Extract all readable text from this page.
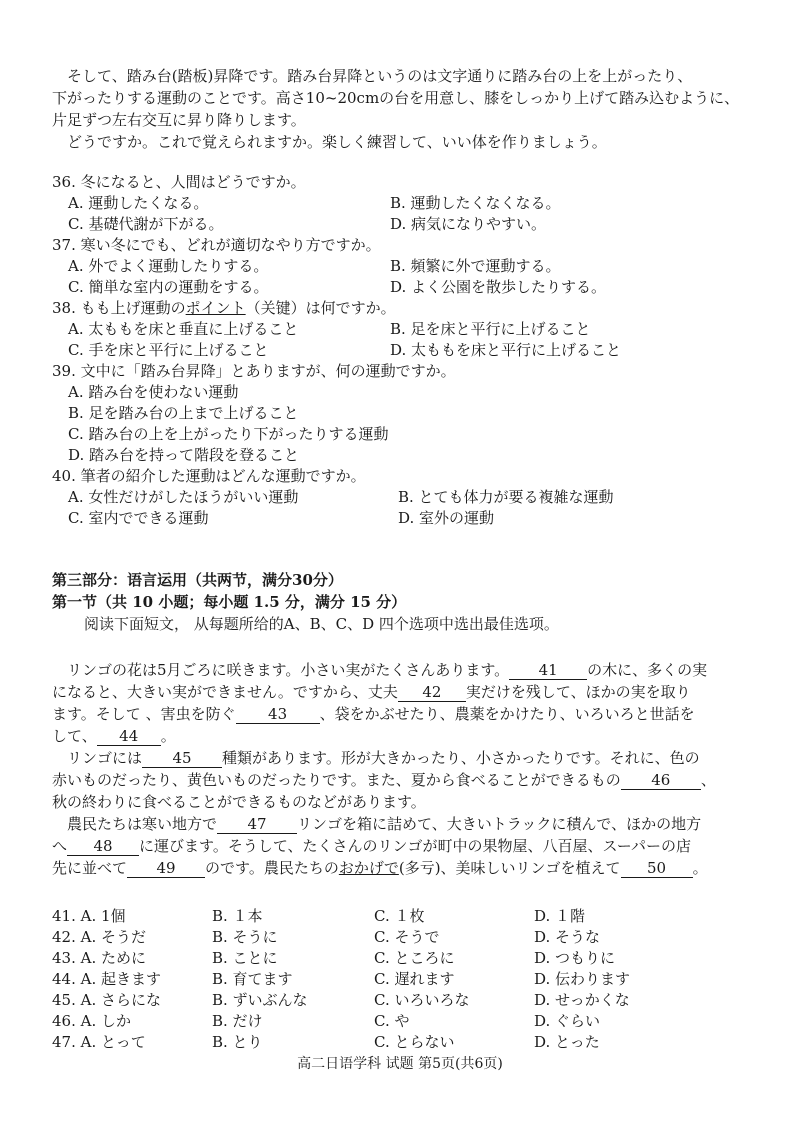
　そして、踏み台(踏板)昇降です。踏み台昇降というのは文字通りに踏み台の上を上がったり、
下がったりする運動のことです。高さ10~20cmの台を用意し、膝をしっかり上げて踏み込むように、
片足ずつ左右交互に昇り降りします。
　どうですか。これで覚えられますか。楽しく練習して、いい体を作りましょう。
36. 冬になると、人間はどうですか。
A. 運動したくなる。	B. 運動したくなくなる。
C. 基礎代謝が下がる。	D. 病気になりやすい。
37. 寒い冬にでも、どれが適切なやり方ですか。
A. 外でよく運動したりする。	B. 頻繁に外で運動する。
C. 簡単な室内の運動をする。	D. よく公園を散歩したりする。
38. もも上げ運動のポイント（关键）は何ですか。
A. 太ももを床と垂直に上げること	B. 足を床と平行に上げること
C. 手を床と平行に上げること	D. 太ももを床と平行に上げること
39. 文中に「踏み台昇降」とありますが、何の運動ですか。
A. 踏み台を使わない運動
B. 足を踏み台の上まで上げること
C. 踏み台の上を上がったり下がったりする運動
D. 踏み台を持って階段を登ること
40. 筆者の紹介した運動はどんな運動ですか。
A. 女性だけがしたほうがいい運動	B. とても体力が要る複雑な運動
C. 室内でできる運動	D. 室外の運動
第三部分：语言运用（共两节，满分30分）
第一节（共 10 小题；每小题 1.5 分，满分 15 分）
阅读下面短文， 从每题所给的A、B、C、D 四个选项中选出最佳选项。
　リンゴの花は5月ごろに咲きます。小さい実がたくさんあります。 41 の木に、多くの実
になると、大きい実ができません。ですから、丈夫 42 実だけを残して、ほかの実を取り
ます。そして 、害虫を防ぐ 43 、袋をかぶせたり、農薬をかけたり、いろいろと世話を
して、 44 。
　リンゴには 45 種類があります。形が大きかったり、小さかったりです。それに、色の
赤いものだったり、黄色いものだったりです。また、夏から食べることができるもの 46 、
秋の終わりに食べることができるものなどがあります。
　農民たちは寒い地方で 47 リンゴを箱に詰めて、大きいトラックに積んで、ほかの地方
へ 48 に運びます。そうして、たくさんのリンゴが町中の果物屋、八百屋、スーパーの店
先に並べて 49 のです。農民たちのおかげで(多亏)、美味しいリンゴを植えて 50 。
41. A. 1個	B. １本	C. １枚	D. １階
42. A. そうだ	B. そうに	C. そうで	D. そうな
43. A. ために	B. ことに	C. ところに	D. つもりに
44. A. 起きます	B. 育てます	C. 遅れます	D. 伝わります
45. A. さらにな	B. ずいぶんな	C. いろいろな	D. せっかくな
46. A. しか	B. だけ	C. や	D. ぐらい
47. A. とって	B. とり	C. とらない	D. とった
高二日语学科 试题 第5页(共6页)
